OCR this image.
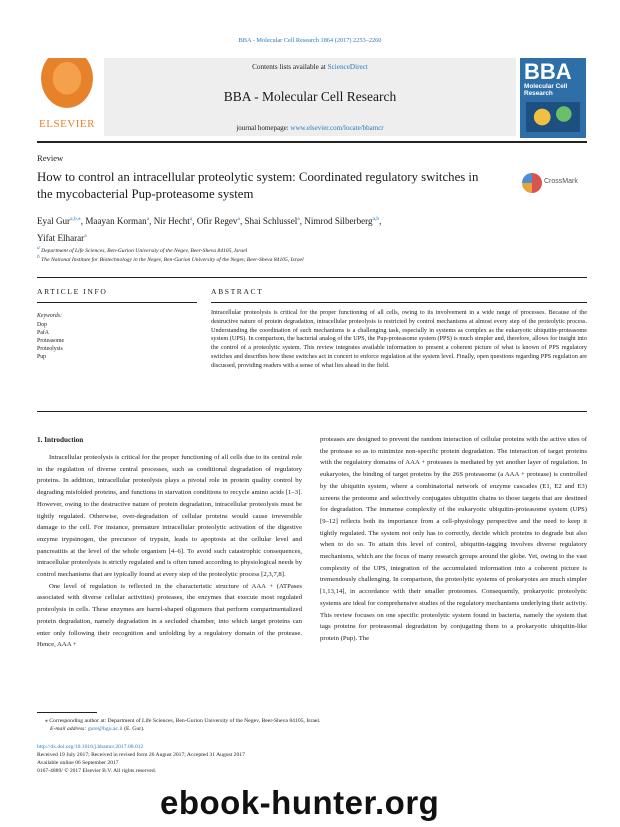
BBA - Molecular Cell Research 1864 (2017) 2253–2260
ELSEVIER
Contents lists available at ScienceDirect
BBA - Molecular Cell Research
journal homepage: www.elsevier.com/locate/bbamcr
BBA
Molecular Cell Research
Review
How to control an intracellular proteolytic system: Coordinated regulatory switches in the mycobacterial Pup-proteasome system
CrossMark
Eyal Gur$^{a,b,⁎}$, Maayan Korman$^a$, Nir Hecht$^a$, Ofir Regev$^a$, Shai Schlussel$^a$, Nimrod Silberberg$^{a,b}$,
Yifat Elharar$^a$
$^a$ Department of Life Sciences, Ben-Gurion University of the Negev, Beer-Sheva 84105, Israel
$^b$ The National Institute for Biotechnology in the Negev, Ben-Gurion University of the Negev, Beer-Sheva 84105, Israel
ARTICLE INFO	ABSTRACT
Keywords:
Dop
PafA
Proteasome
Proteolysis
Pup
Intracellular proteolysis is critical for the proper functioning of all cells, owing to its involvement in a wide range of processes. Because of the destructive nature of protein degradation, intracellular proteolysis is restricted by control mechanisms at almost every step of the proteolytic process. Understanding the coordination of such mechanisms is a challenging task, especially in systems as complex as the eukaryotic ubiquitin-proteasome system (UPS). In comparison, the bacterial analog of the UPS, the Pup-proteasome system (PPS) is much simpler and, therefore, allows for insight into the control of a proteolytic system. This review integrates available information to present a coherent picture of what is known of PPS regulatory switches and describes how these switches act in concert to enforce regulation at the system level. Finally, open questions regarding PPS regulation are discussed, providing readers with a sense of what lies ahead in the field.
1. Introduction

Intracellular proteolysis is critical for the proper functioning of all cells due to its central role in the regulation of diverse central processes, such as conditional degradation of regulatory proteins. In addition, intracellular proteolysis plays a pivotal role in protein quality control by degrading misfolded proteins, and functions in starvation conditions to recycle amino acids [1–3]. However, owing to the destructive nature of protein degradation, intracellular proteolysis must be tightly regulated. Otherwise, over-degradation of cellular proteins would cause irreversible damage to the cell. For instance, premature intracellular proteolytic activation of the digestive enzyme trypsinogen, the precursor of trypsin, leads to apoptosis at the cellular level and pancreatitis at the level of the whole organism [4–6]. To avoid such catastrophic consequences, intracellular proteolysis is strictly regulated and is often tuned according to physiological needs by control mechanisms that are typically found at every step of the proteolytic process [2,3,7,8].

One level of regulation is reflected in the characteristic structure of AAA + (ATPases associated with diverse cellular activities) proteases, the enzymes that execute most regulated proteolysis in cells. These enzymes are barrel-shaped oligomers that perform compartmentalized protein degradation, namely degradation in a secluded chamber, into which target proteins can enter only following their recognition and unfolding by a regulatory domain of the protease. Hence, AAA +

proteases are designed to prevent the random interaction of cellular proteins with the active sites of the protease so as to minimize non-specific protein degradation. The interaction of target proteins with the regulatory domains of AAA + proteases is mediated by yet another layer of regulation. In eukaryotes, the binding of target proteins by the 26S proteasome (a AAA + protease) is controlled by the ubiquitin system, where a combinatorial network of enzyme cascades (E1, E2 and E3) screens the proteome and selectively conjugates ubiquitin chains to those targets that are destined for degradation. The immense complexity of the eukaryotic ubiquitin-proteasome system (UPS) [9–12] reflects both its importance from a cell-physiology perspective and the need to keep it tightly regulated. The system not only has to correctly, decide which proteins to degrade but also when to do so. To attain this level of control, ubiquitin-tagging involves diverse regulatory mechanisms, which are the focus of many research groups around the globe. Yet, owing to the vast complexity of the UPS, integration of the accumulated information into a coherent picture is tremendously challenging. In comparison, the proteolytic systems of prokaryotes are much simpler [1,13,14], in accordance with their smaller proteomes. Consequently, prokaryotic proteolytic systems are ideal for comprehensive studies of the regulatory mechanisms underlying their activity. This review focuses on one specific proteolytic system found in bacteria, namely the system that tags proteins for proteasomal degradation by conjugating them to a prokaryotic ubiquitin-like protein (Pup). The

⁎ Corresponding author at: Department of Life Sciences, Ben-Gurion University of the Negev, Beer-Sheva 84105, Israel.
E-mail address: gure@bgu.ac.il (E. Gur).
http://dx.doi.org/10.1016/j.bbamcr.2017.08.012
Received 19 July 2017; Received in revised form 26 August 2017; Accepted 31 August 2017
Available online 06 September 2017
0167-4889/ © 2017 Elsevier B.V. All rights reserved.
ebook-hunter.org
